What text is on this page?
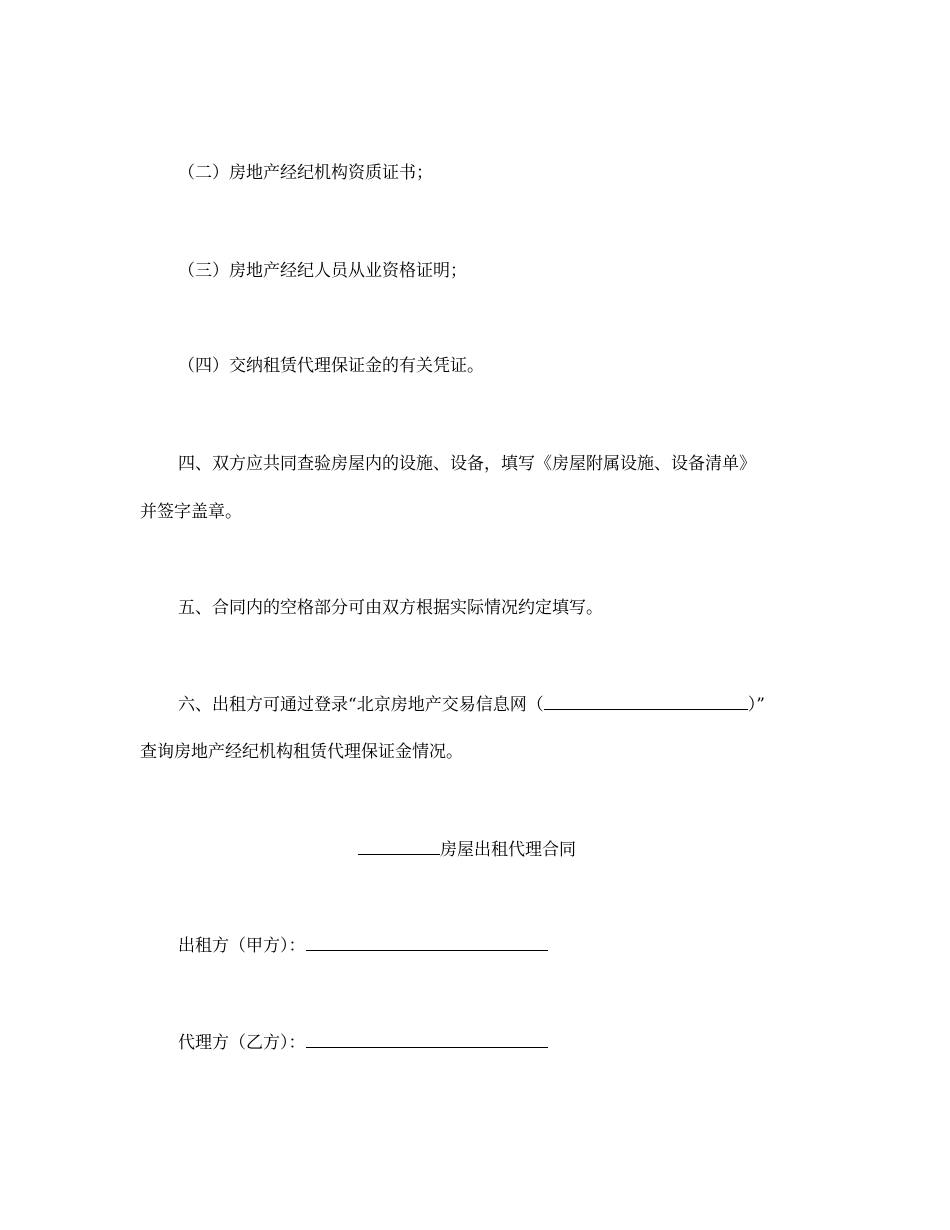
（二）房地产经纪机构资质证书；
（三）房地产经纪人员从业资格证明；
（四）交纳租赁代理保证金的有关凭证。
四、双方应共同查验房屋内的设施、设备，填写《房屋附属设施、设备清单》
并签字盖章。
五、合同内的空格部分可由双方根据实际情况约定填写。
六、出租方可通过登录“北京房地产交易信息网（	）”
查询房地产经纪机构租赁代理保证金情况。
房屋出租代理合同
出租方（甲方）：
代理方（乙方）：
